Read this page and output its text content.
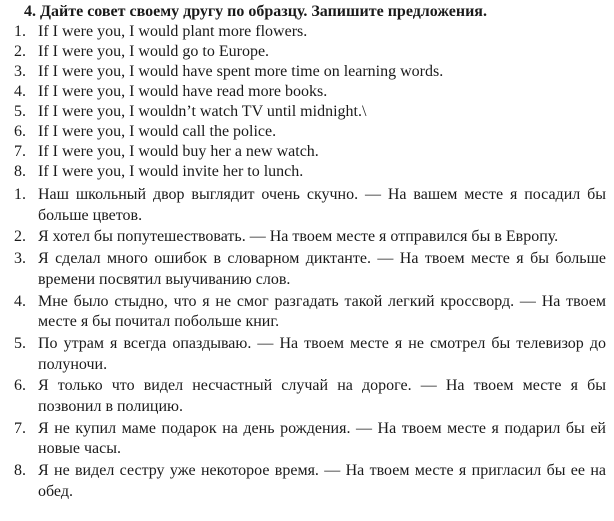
4. Дайте совет своему другу по образцу. Запишите предложения.
1. If I were you, I would plant more flowers.
2. If I were you, I would go to Europe.
3. If I were you, I would have spent more time on learning words.
4. If I were you, I would have read more books.
5. If I were you, I wouldn’t watch TV until midnight.\
6. If I were you, I would call the police.
7. If I were you, I would buy her a new watch.
8. If I were you, I would invite her to lunch.
1. Наш школьный двор выглядит очень скучно. — На вашем месте я посадил бы больше цветов.
2. Я хотел бы попутешествовать. — На твоем месте я отправился бы в Европу.
3. Я сделал много ошибок в словарном диктанте. — На твоем месте я бы больше времени посвятил выучиванию слов.
4. Мне было стыдно, что я не смог разгадать такой легкий кроссворд. — На твоем месте я бы почитал побольше книг.
5. По утрам я всегда опаздываю. — На твоем месте я не смотрел бы телевизор до полуночи.
6. Я только что видел несчастный случай на дороге. — На твоем месте я бы позвонил в полицию.
7. Я не купил маме подарок на день рождения. — На твоем месте я подарил бы ей новые часы.
8. Я не видел сестру уже некоторое время. — На твоем месте я пригласил бы ее на обед.
